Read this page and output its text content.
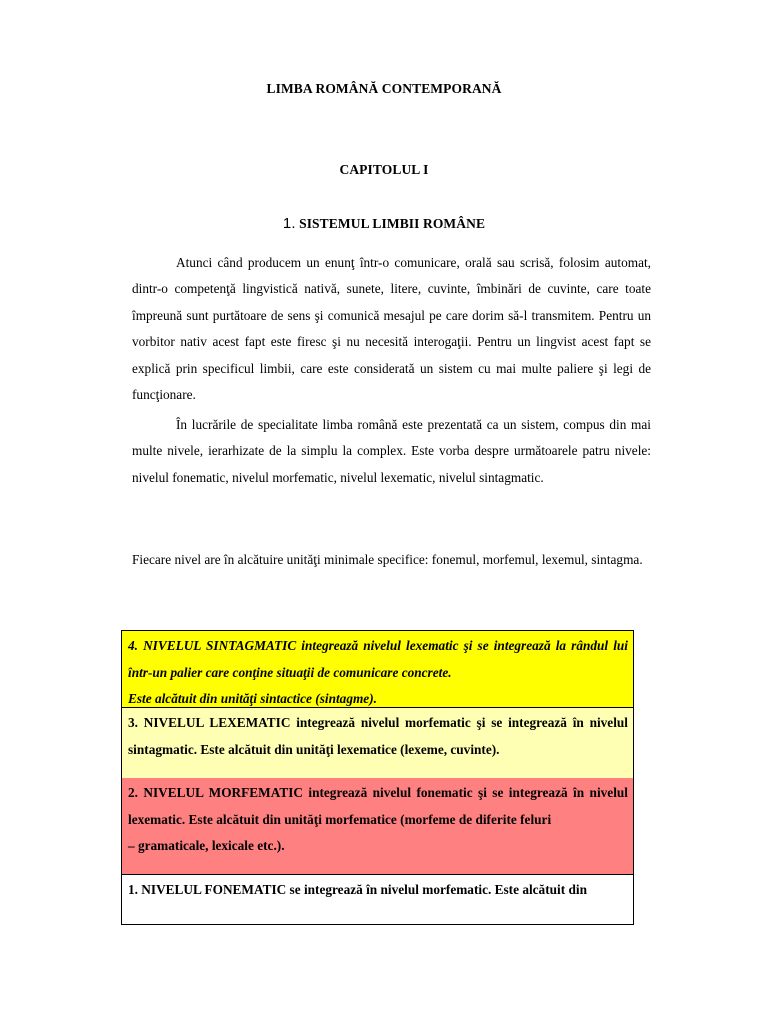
LIMBA ROMÂNĂ CONTEMPORANĂ
CAPITOLUL I
1. SISTEMUL LIMBII ROMÂNE
Atunci când producem un enunţ într-o comunicare, orală sau scrisă, folosim automat, dintr-o competenţă lingvistică nativă, sunete, litere, cuvinte, îmbinări de cuvinte, care toate împreună sunt purtătoare de sens şi comunică mesajul pe care dorim să-l transmitem. Pentru un vorbitor nativ acest fapt este firesc şi nu necesită interogaţii. Pentru un lingvist acest fapt se explică prin specificul limbii, care este considerată un sistem cu mai multe paliere şi legi de funcţionare.
În lucrările de specialitate limba română este prezentată ca un sistem, compus din mai multe nivele, ierarhizate de la simplu la complex. Este vorba despre următoarele patru nivele: nivelul fonematic, nivelul morfematic, nivelul lexematic, nivelul sintagmatic.
Fiecare nivel are în alcătuire unităţi minimale specifice: fonemul, morfemul, lexemul, sintagma.

4. NIVELUL SINTAGMATIC integrează nivelul lexematic şi se integrează la rândul lui într-un palier care conţine situaţii de comunicare concrete.

Este alcătuit din unităţi sintactice (sintagme).

3. NIVELUL LEXEMATIC integrează nivelul morfematic şi se integrează în nivelul sintagmatic. Este alcătuit din unităţi lexematice (lexeme, cuvinte).

2. NIVELUL MORFEMATIC integrează nivelul fonematic şi se integrează în nivelul lexematic. Este alcătuit din unităţi morfematice (morfeme de diferite feluri

– gramaticale, lexicale etc.).

1. NIVELUL FONEMATIC se integrează în nivelul morfematic. Este alcătuit din
